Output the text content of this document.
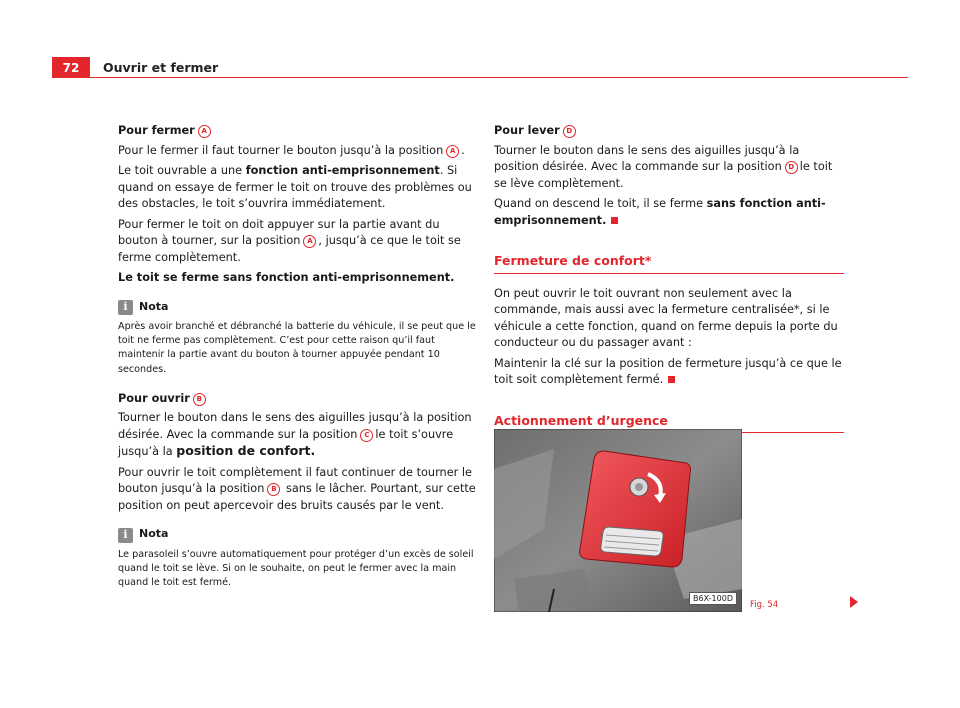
72	Ouvrir et fermer
Pour fermer A

Pour le fermer il faut tourner le bouton jusqu’à la position A .

Le toit ouvrable a une fonction anti-emprisonnement. Si quand on essaye de fermer le toit on trouve des problèmes ou des obstacles, le toit s’ouvrira immédiatement.

Pour fermer le toit on doit appuyer sur la partie avant du bouton à tourner, sur la position A , jusqu’à ce que le toit se ferme complètement.

Le toit se ferme sans fonction anti-emprisonnement.

i	Nota
Après avoir branché et débranché la batterie du véhicule, il se peut que le toit ne ferme pas complètement. C’est pour cette raison qu’il faut maintenir la partie avant du bouton à tourner appuyée pendant 10 secondes.
Pour ouvrir B

Tourner le bouton dans le sens des aiguilles jusqu’à la position désirée. Avec la commande sur la position C le toit s’ouvre jusqu’à la position de confort.

Pour ouvrir le toit complètement il faut continuer de tourner le bouton jusqu’à la position B sans le lâcher. Pourtant, sur cette position on peut apercevoir des bruits causés par le vent.

i	Nota
Le parasoleil s’ouvre automatiquement pour protéger d’un excès de soleil quand le toit se lève. Si on le souhaite, on peut le fermer avec la main quand le toit est fermé.
Pour lever D

Tourner le bouton dans le sens des aiguilles jusqu’à la position désirée. Avec la commande sur la position D le toit se lève complètement.

Quand on descend le toit, il se ferme sans fonction anti-emprisonnement.

Fermeture de confort*

On peut ouvrir le toit ouvrant non seulement avec la commande, mais aussi avec la fermeture centralisée*, si le véhicule a cette fonction, quand on ferme depuis la porte du conducteur ou du passager avant :

Maintenir la clé sur la position de fermeture jusqu’à ce que le toit soit complètement fermé.

Actionnement d’urgence
B6X-100D
Fig. 54
